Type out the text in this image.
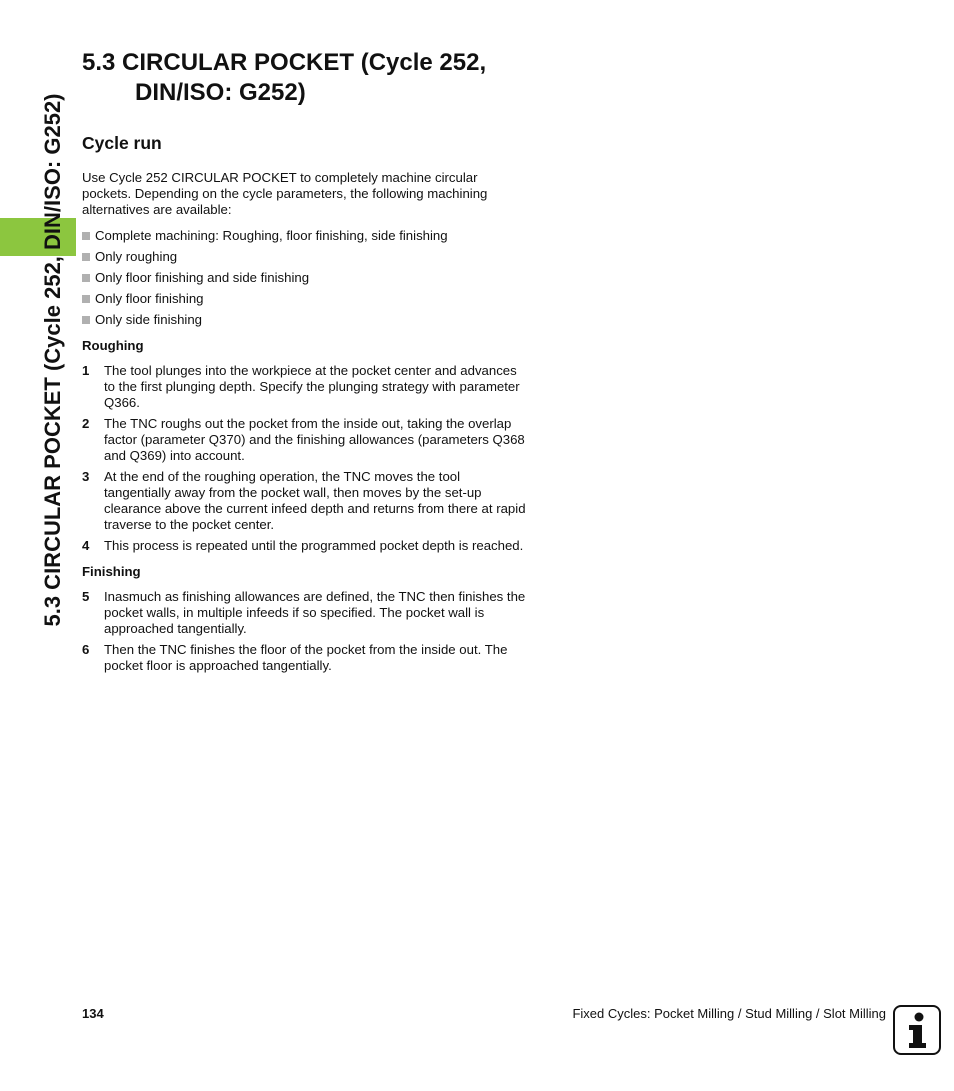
5.3 CIRCULAR POCKET (Cycle 252, DIN/ISO: G252)
5.3 CIRCULAR POCKET (Cycle 252,
DIN/ISO: G252)
Cycle run

Use Cycle 252 CIRCULAR POCKET to completely machine circular pockets. Depending on the cycle parameters, the following machining alternatives are available:

Complete machining: Roughing, floor finishing, side finishing
Only roughing
Only floor finishing and side finishing
Only floor finishing
Only side finishing
Roughing
1	The tool plunges into the workpiece at the pocket center and advances to the first plunging depth. Specify the plunging strategy with parameter Q366.
2	The TNC roughs out the pocket from the inside out, taking the overlap factor (parameter Q370) and the finishing allowances (parameters Q368 and Q369) into account.
3	At the end of the roughing operation, the TNC moves the tool tangentially away from the pocket wall, then moves by the set-up clearance above the current infeed depth and returns from there at rapid traverse to the pocket center.
4	This process is repeated until the programmed pocket depth is reached.
Finishing
5	Inasmuch as finishing allowances are defined, the TNC then finishes the pocket walls, in multiple infeeds if so specified. The pocket wall is approached tangentially.
6	Then the TNC finishes the floor of the pocket from the inside out. The pocket floor is approached tangentially.
134	Fixed Cycles: Pocket Milling / Stud Milling / Slot Milling
